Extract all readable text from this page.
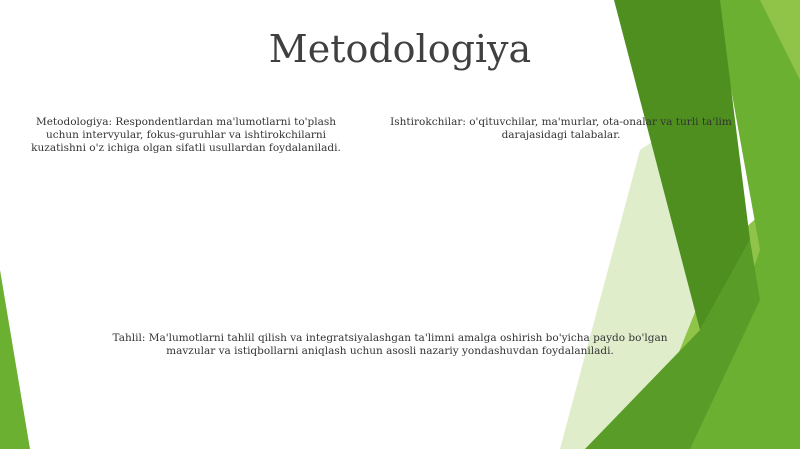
Metodologiya
Metodologiya: Respondentlardan ma'lumotlarni to'plash uchun intervyular, fokus-guruhlar va ishtirokchilarni kuzatishni o'z ichiga olgan sifatli usullardan foydalaniladi.
Ishtirokchilar: o'qituvchilar, ma'murlar, ota-onalar va turli ta'lim darajasidagi talabalar.
Tahlil: Ma'lumotlarni tahlil qilish va integratsiyalashgan ta'limni amalga oshirish bo'yicha paydo bo'lgan mavzular va istiqbollarni aniqlash uchun asosli nazariy yondashuvdan foydalaniladi.
